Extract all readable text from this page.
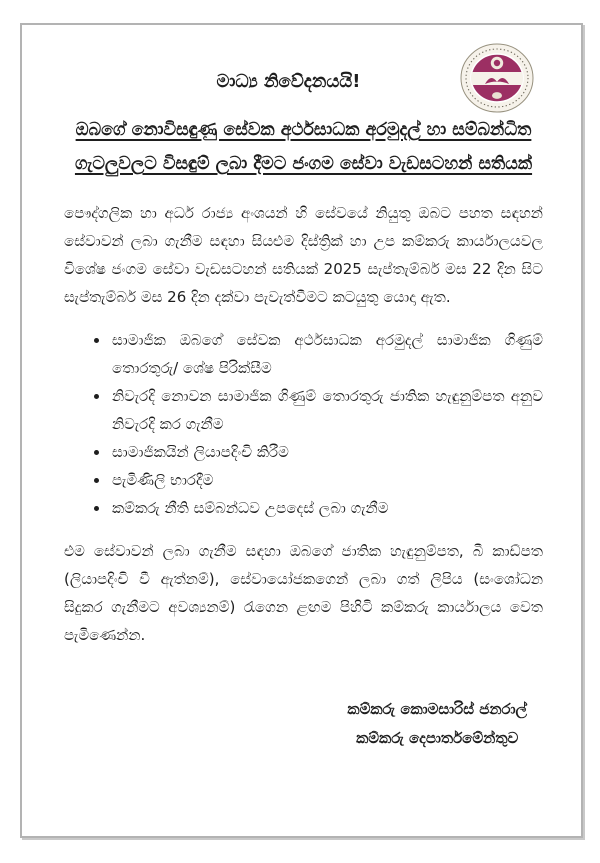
මාධ්‍ය නිවේදනයයි!
ඔබගේ නොවිසඳුණු සේවක අර්ථසාධක අරමුදල් හා සම්බන්ධිත ගැටලුවලට විසඳුම් ලබා දීමට ජංගම සේවා වැඩසටහන් සතියක්

පෞද්ගලික හා අර්ධ රාජ්‍ය අංශයන් හි සේවයේ නියුතු ඔබට පහත සඳහන් සේවාවන් ලබා ගැනීම සඳහා සියළුම දිස්ත්‍රික් හා උප කම්කරු කාර්යාලයවල විශේෂ ජංගම සේවා වැඩසටහන් සතියක් 2025 සැප්තැම්බර් මස 22 දින සිට සැප්තැම්බර් මස 26 දින දක්වා පැවැත්වීමට කටයුතු යොදා ඇත.

• සාමාජික ඔබගේ සේවක අර්ථසාධක අරමුදල් සාමාජික ගිණුම් තොරතුරු/ ශේෂ පිරික්සීම
• නිවැරදි නොවන සාමාජික ගිණුම් තොරතුරු ජාතික හැඳුනුම්පත අනුව නිවැරදි කර ගැනීම
• සාමාජිකයින් ලියාපදිංචි කිරීම
• පැමිණිලි භාරදීම
• කම්කරු නීති සම්බන්ධව උපදෙස් ලබා ගැනීම

එම සේවාවන් ලබා ගැනීම සඳහා ඔබගේ ජාතික හැඳුනුම්පත, බී කාඩ්පත (ලියාපදිංචි වී ඇත්නම්), සේවායෝජකගෙන් ලබා ගත් ලිපිය (සංශෝධන සිදුකර ගැනීමට අවශ්‍යනම්) රැගෙන ළඟම පිහිටි කම්කරු කාර්යාලය වෙත පැමිණෙන්න.

කම්කරු කොමසාරිස් ජනරාල්
කම්කරු දෙපාර්තමේන්තුව
